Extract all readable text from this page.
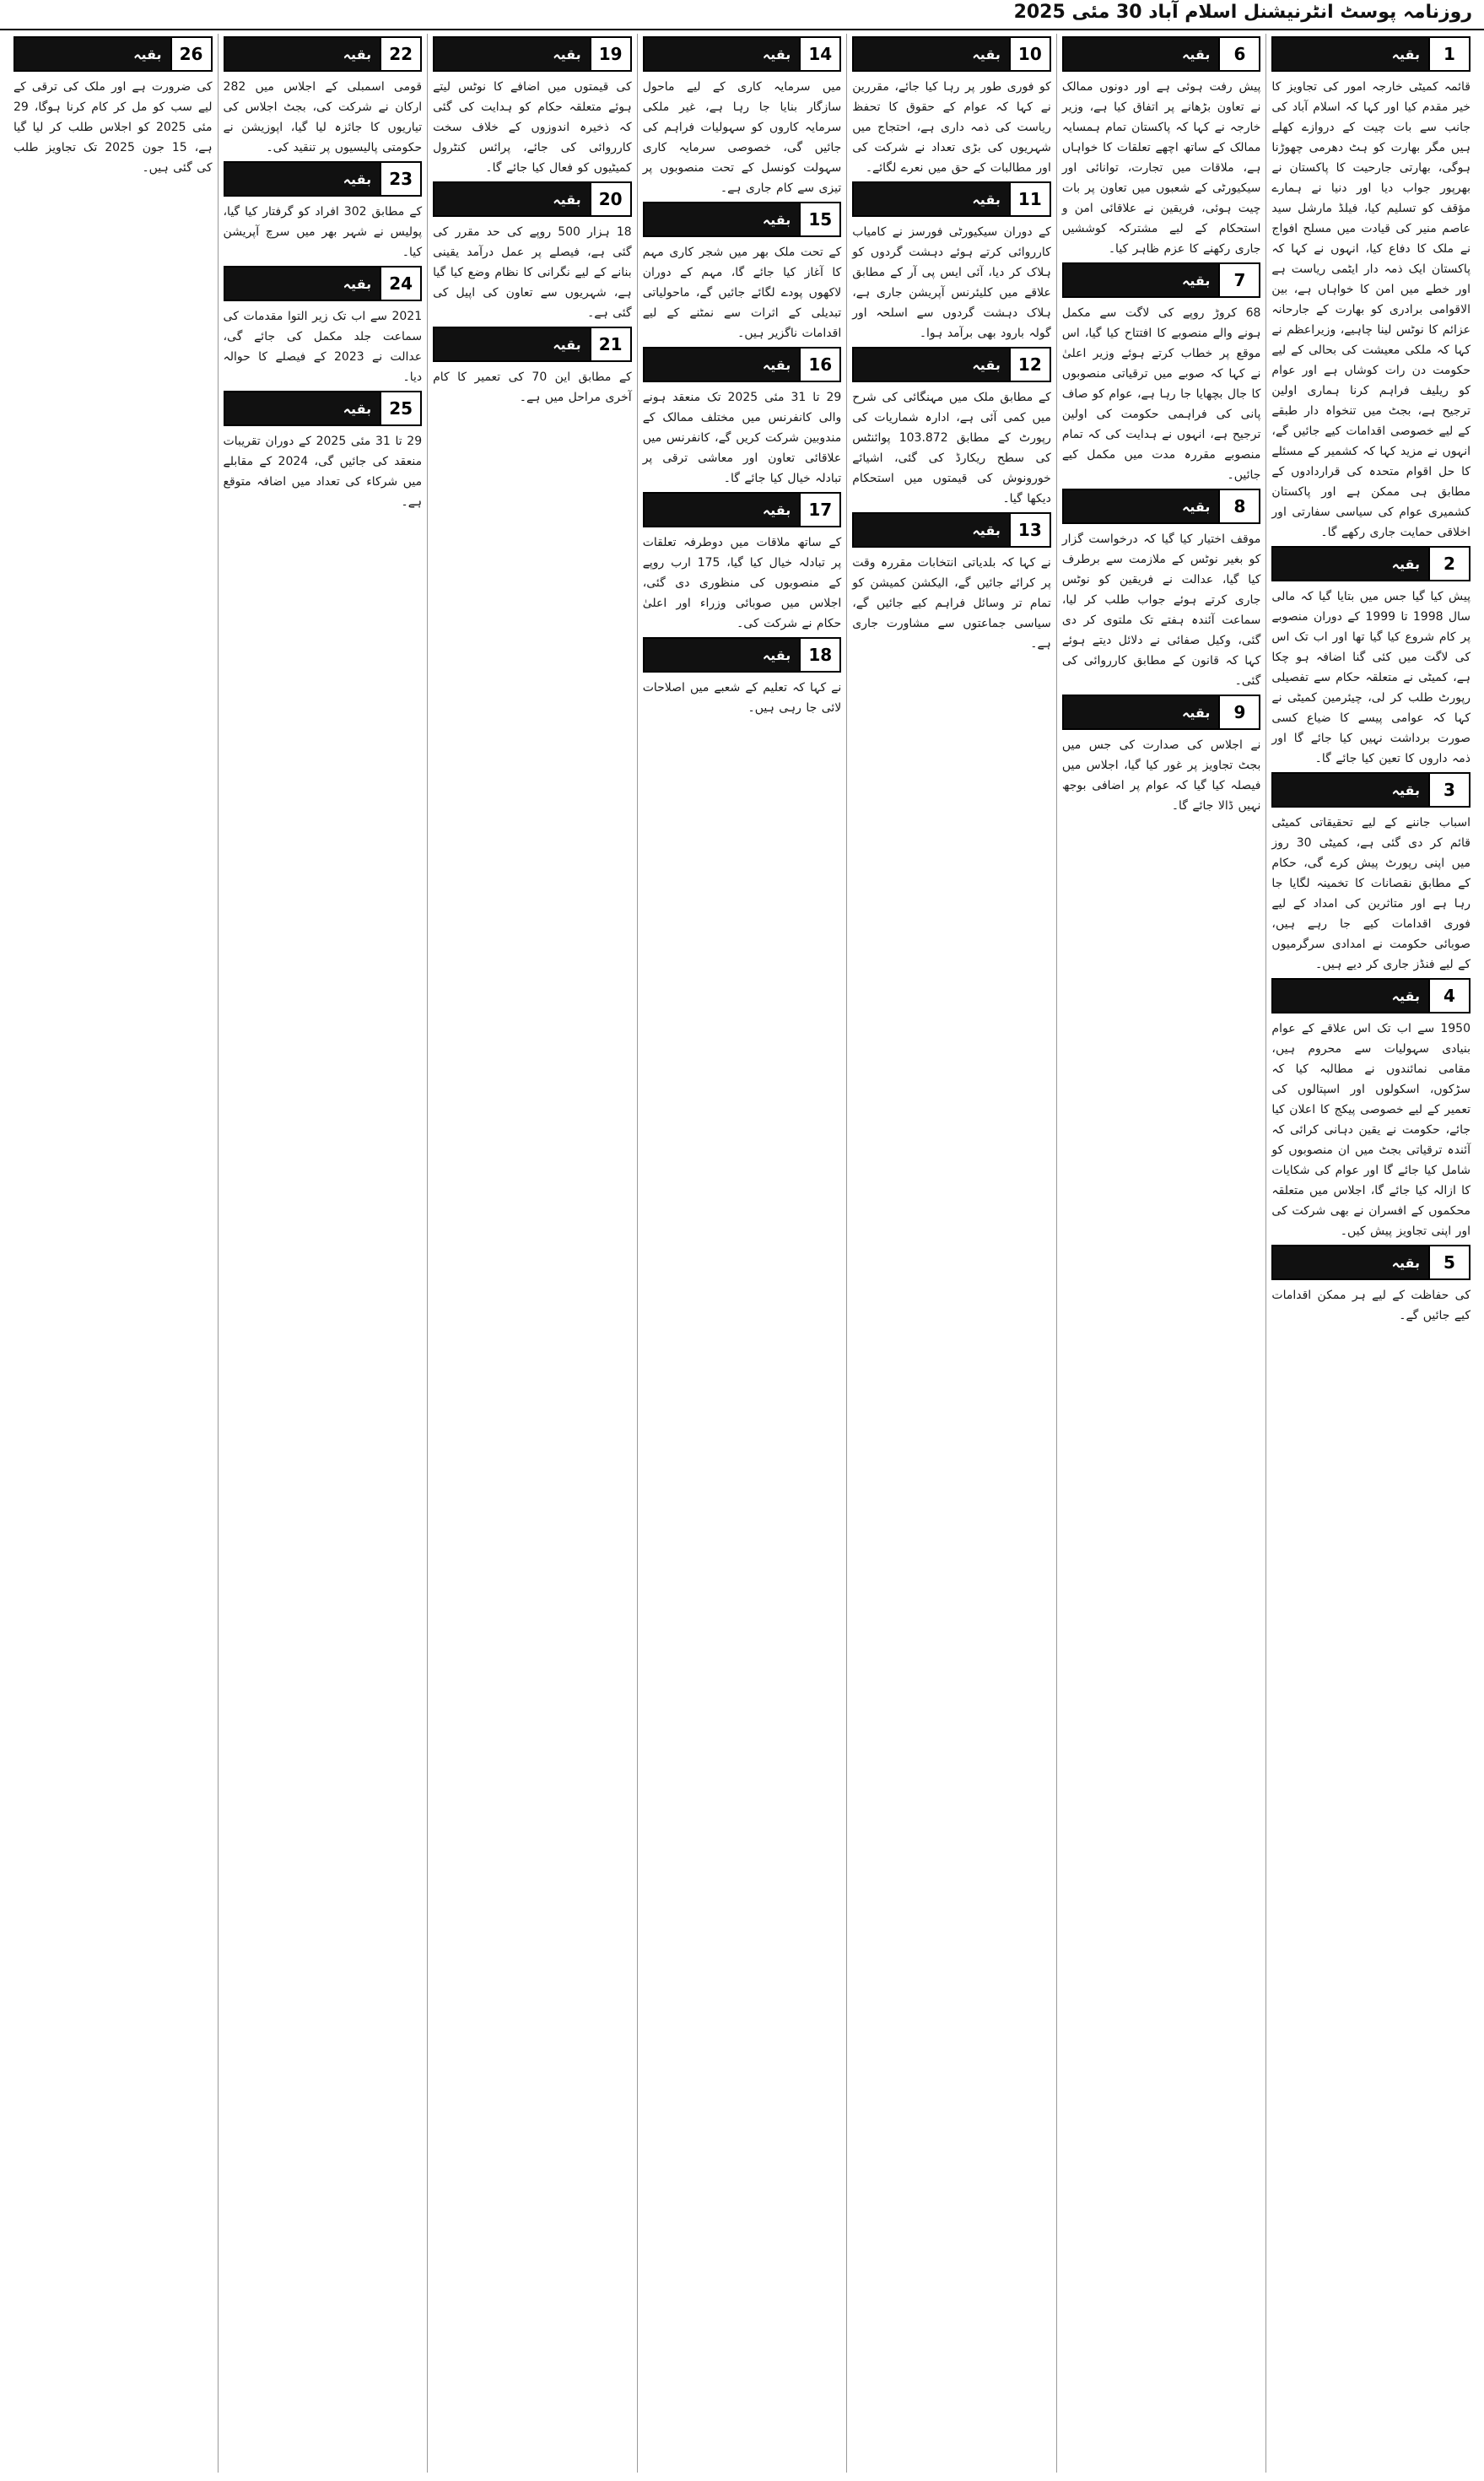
روزنامہ پوسٹ انٹرنیشنل اسلام آباد 30 مئی 2025
1
بقیہ
قائمہ کمیٹی خارجہ امور کی تجاویز کا خیر مقدم کیا اور کہا کہ اسلام آباد کی جانب سے بات چیت کے دروازے کھلے ہیں مگر بھارت کو ہٹ دھرمی چھوڑنا ہوگی، بھارتی جارحیت کا پاکستان نے بھرپور جواب دیا اور دنیا نے ہمارے مؤقف کو تسلیم کیا، فیلڈ مارشل سید عاصم منیر کی قیادت میں مسلح افواج نے ملک کا دفاع کیا، انہوں نے کہا کہ پاکستان ایک ذمہ دار ایٹمی ریاست ہے اور خطے میں امن کا خواہاں ہے، بین الاقوامی برادری کو بھارت کے جارحانہ عزائم کا نوٹس لینا چاہیے، وزیراعظم نے کہا کہ ملکی معیشت کی بحالی کے لیے حکومت دن رات کوشاں ہے اور عوام کو ریلیف فراہم کرنا ہماری اولین ترجیح ہے، بجٹ میں تنخواہ دار طبقے کے لیے خصوصی اقدامات کیے جائیں گے، انہوں نے مزید کہا کہ کشمیر کے مسئلے کا حل اقوام متحدہ کی قراردادوں کے مطابق ہی ممکن ہے اور پاکستان کشمیری عوام کی سیاسی سفارتی اور اخلاقی حمایت جاری رکھے گا۔
2
بقیہ
پیش کیا گیا جس میں بتایا گیا کہ مالی سال 1998 تا 1999 کے دوران منصوبے پر کام شروع کیا گیا تھا اور اب تک اس کی لاگت میں کئی گنا اضافہ ہو چکا ہے، کمیٹی نے متعلقہ حکام سے تفصیلی رپورٹ طلب کر لی، چیئرمین کمیٹی نے کہا کہ عوامی پیسے کا ضیاع کسی صورت برداشت نہیں کیا جائے گا اور ذمہ داروں کا تعین کیا جائے گا۔
3
بقیہ
اسباب جاننے کے لیے تحقیقاتی کمیٹی قائم کر دی گئی ہے، کمیٹی 30 روز میں اپنی رپورٹ پیش کرے گی، حکام کے مطابق نقصانات کا تخمینہ لگایا جا رہا ہے اور متاثرین کی امداد کے لیے فوری اقدامات کیے جا رہے ہیں، صوبائی حکومت نے امدادی سرگرمیوں کے لیے فنڈز جاری کر دیے ہیں۔
4
بقیہ
1950 سے اب تک اس علاقے کے عوام بنیادی سہولیات سے محروم ہیں، مقامی نمائندوں نے مطالبہ کیا کہ سڑکوں، اسکولوں اور اسپتالوں کی تعمیر کے لیے خصوصی پیکج کا اعلان کیا جائے، حکومت نے یقین دہانی کرائی کہ آئندہ ترقیاتی بجٹ میں ان منصوبوں کو شامل کیا جائے گا اور عوام کی شکایات کا ازالہ کیا جائے گا، اجلاس میں متعلقہ محکموں کے افسران نے بھی شرکت کی اور اپنی تجاویز پیش کیں۔
5
بقیہ
کی حفاظت کے لیے ہر ممکن اقدامات کیے جائیں گے۔
6
بقیہ
پیش رفت ہوئی ہے اور دونوں ممالک نے تعاون بڑھانے پر اتفاق کیا ہے، وزیر خارجہ نے کہا کہ پاکستان تمام ہمسایہ ممالک کے ساتھ اچھے تعلقات کا خواہاں ہے، ملاقات میں تجارت، توانائی اور سیکیورٹی کے شعبوں میں تعاون پر بات چیت ہوئی، فریقین نے علاقائی امن و استحکام کے لیے مشترکہ کوششیں جاری رکھنے کا عزم ظاہر کیا۔
7
بقیہ
68 کروڑ روپے کی لاگت سے مکمل ہونے والے منصوبے کا افتتاح کیا گیا، اس موقع پر خطاب کرتے ہوئے وزیر اعلیٰ نے کہا کہ صوبے میں ترقیاتی منصوبوں کا جال بچھایا جا رہا ہے، عوام کو صاف پانی کی فراہمی حکومت کی اولین ترجیح ہے، انہوں نے ہدایت کی کہ تمام منصوبے مقررہ مدت میں مکمل کیے جائیں۔
8
بقیہ
موقف اختیار کیا گیا کہ درخواست گزار کو بغیر نوٹس کے ملازمت سے برطرف کیا گیا، عدالت نے فریقین کو نوٹس جاری کرتے ہوئے جواب طلب کر لیا، سماعت آئندہ ہفتے تک ملتوی کر دی گئی، وکیل صفائی نے دلائل دیتے ہوئے کہا کہ قانون کے مطابق کارروائی کی گئی۔
9
بقیہ
نے اجلاس کی صدارت کی جس میں بجٹ تجاویز پر غور کیا گیا، اجلاس میں فیصلہ کیا گیا کہ عوام پر اضافی بوجھ نہیں ڈالا جائے گا۔
10
بقیہ
کو فوری طور پر رہا کیا جائے، مقررین نے کہا کہ عوام کے حقوق کا تحفظ ریاست کی ذمہ داری ہے، احتجاج میں شہریوں کی بڑی تعداد نے شرکت کی اور مطالبات کے حق میں نعرے لگائے۔
11
بقیہ
کے دوران سیکیورٹی فورسز نے کامیاب کارروائی کرتے ہوئے دہشت گردوں کو ہلاک کر دیا، آئی ایس پی آر کے مطابق علاقے میں کلیئرنس آپریشن جاری ہے، ہلاک دہشت گردوں سے اسلحہ اور گولہ بارود بھی برآمد ہوا۔
12
بقیہ
کے مطابق ملک میں مہنگائی کی شرح میں کمی آئی ہے، ادارہ شماریات کی رپورٹ کے مطابق 103.872 پوائنٹس کی سطح ریکارڈ کی گئی، اشیائے خورونوش کی قیمتوں میں استحکام دیکھا گیا۔
13
بقیہ
نے کہا کہ بلدیاتی انتخابات مقررہ وقت پر کرائے جائیں گے، الیکشن کمیشن کو تمام تر وسائل فراہم کیے جائیں گے، سیاسی جماعتوں سے مشاورت جاری ہے۔
14
بقیہ
میں سرمایہ کاری کے لیے ماحول سازگار بنایا جا رہا ہے، غیر ملکی سرمایہ کاروں کو سہولیات فراہم کی جائیں گی، خصوصی سرمایہ کاری سہولت کونسل کے تحت منصوبوں پر تیزی سے کام جاری ہے۔
15
بقیہ
کے تحت ملک بھر میں شجر کاری مہم کا آغاز کیا جائے گا، مہم کے دوران لاکھوں پودے لگائے جائیں گے، ماحولیاتی تبدیلی کے اثرات سے نمٹنے کے لیے اقدامات ناگزیر ہیں۔
16
بقیہ
29 تا 31 مئی 2025 تک منعقد ہونے والی کانفرنس میں مختلف ممالک کے مندوبین شرکت کریں گے، کانفرنس میں علاقائی تعاون اور معاشی ترقی پر تبادلہ خیال کیا جائے گا۔
17
بقیہ
کے ساتھ ملاقات میں دوطرفہ تعلقات پر تبادلہ خیال کیا گیا، 175 ارب روپے کے منصوبوں کی منظوری دی گئی، اجلاس میں صوبائی وزراء اور اعلیٰ حکام نے شرکت کی۔
18
بقیہ
نے کہا کہ تعلیم کے شعبے میں اصلاحات لائی جا رہی ہیں۔
19
بقیہ
کی قیمتوں میں اضافے کا نوٹس لیتے ہوئے متعلقہ حکام کو ہدایت کی گئی کہ ذخیرہ اندوزوں کے خلاف سخت کارروائی کی جائے، پرائس کنٹرول کمیٹیوں کو فعال کیا جائے گا۔
20
بقیہ
18 ہزار 500 روپے کی حد مقرر کی گئی ہے، فیصلے پر عمل درآمد یقینی بنانے کے لیے نگرانی کا نظام وضع کیا گیا ہے، شہریوں سے تعاون کی اپیل کی گئی ہے۔
21
بقیہ
کے مطابق این 70 کی تعمیر کا کام آخری مراحل میں ہے۔
22
بقیہ
قومی اسمبلی کے اجلاس میں 282 ارکان نے شرکت کی، بجٹ اجلاس کی تیاریوں کا جائزہ لیا گیا، اپوزیشن نے حکومتی پالیسیوں پر تنقید کی۔
23
بقیہ
کے مطابق 302 افراد کو گرفتار کیا گیا، پولیس نے شہر بھر میں سرچ آپریشن کیا۔
24
بقیہ
2021 سے اب تک زیر التوا مقدمات کی سماعت جلد مکمل کی جائے گی، عدالت نے 2023 کے فیصلے کا حوالہ دیا۔
25
بقیہ
29 تا 31 مئی 2025 کے دوران تقریبات منعقد کی جائیں گی، 2024 کے مقابلے میں شرکاء کی تعداد میں اضافہ متوقع ہے۔
26
بقیہ
کی ضرورت ہے اور ملک کی ترقی کے لیے سب کو مل کر کام کرنا ہوگا، 29 مئی 2025 کو اجلاس طلب کر لیا گیا ہے، 15 جون 2025 تک تجاویز طلب کی گئی ہیں۔
